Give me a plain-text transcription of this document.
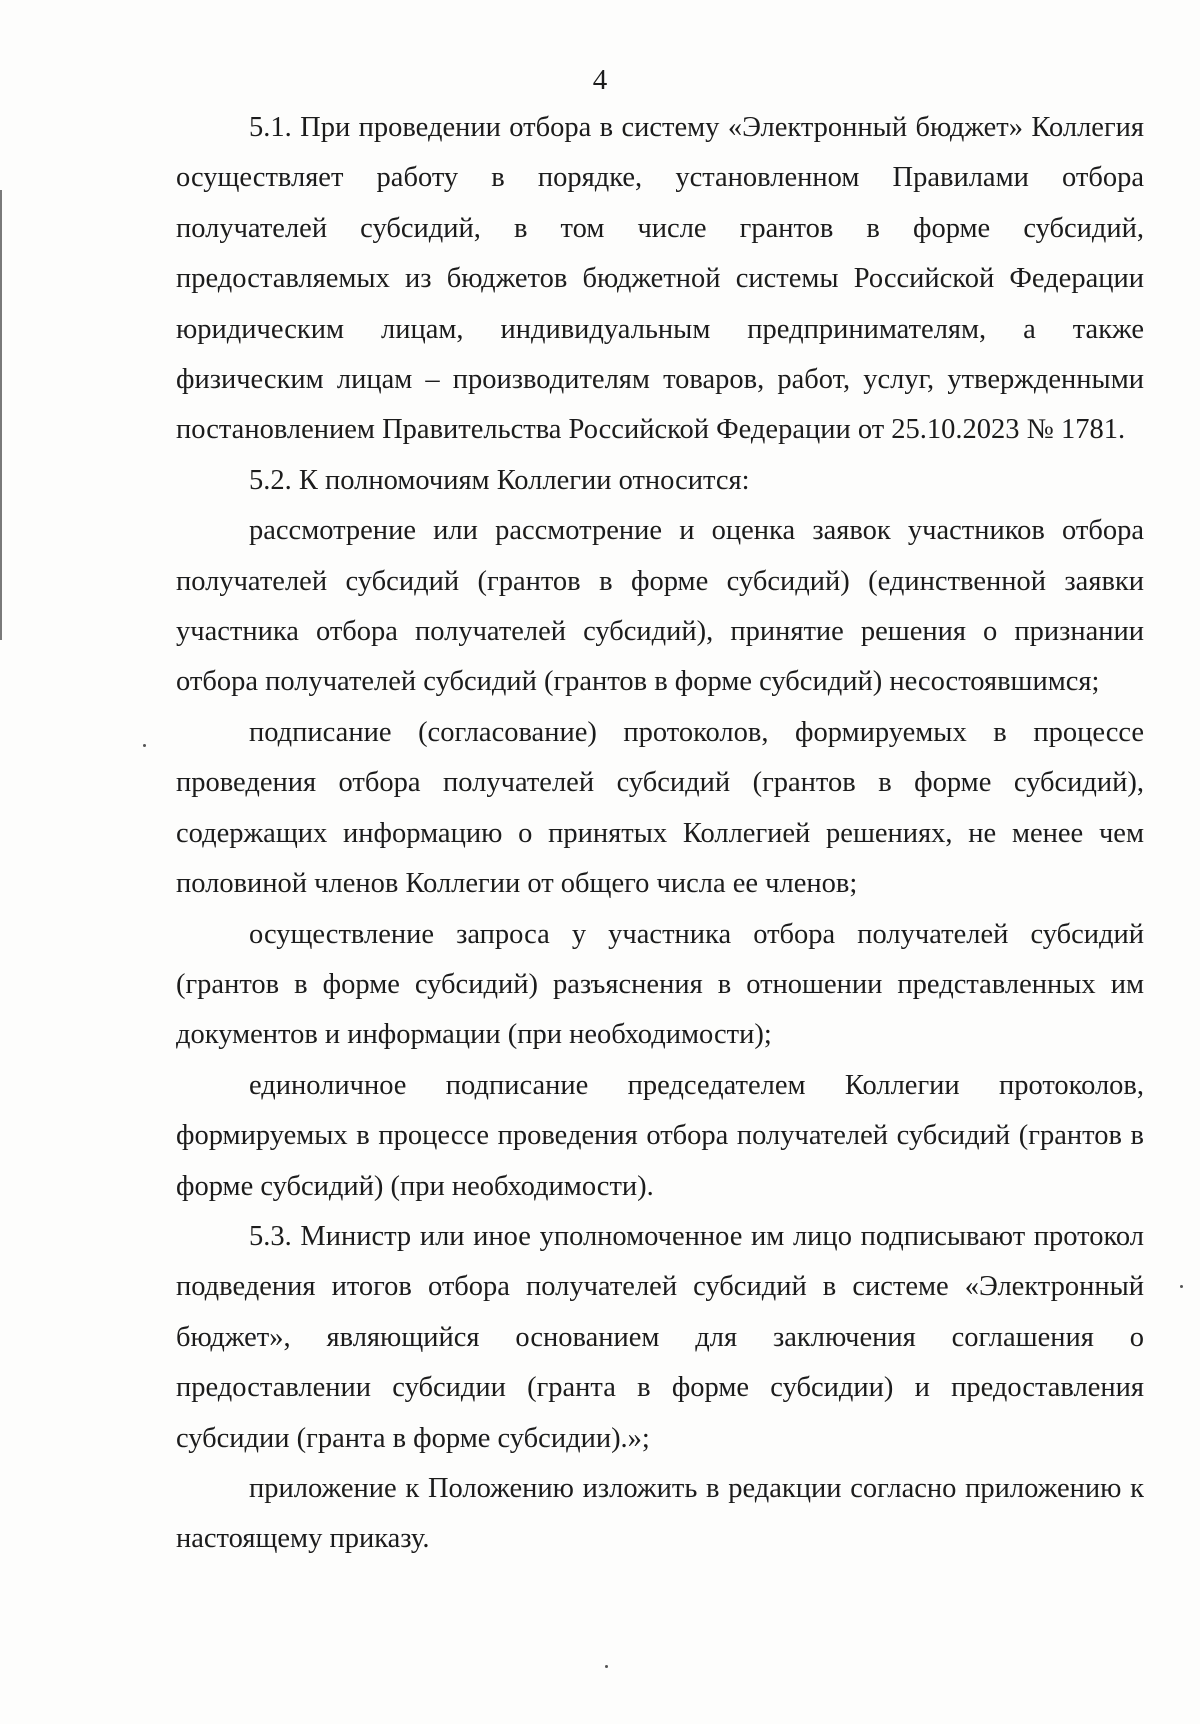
4

5.1. При проведении отбора в систему «Электронный бюджет» Коллегия осуществляет работу в порядке, установленном Правилами отбора получателей субсидий, в том числе грантов в форме субсидий, предоставляемых из бюджетов бюджетной системы Российской Федерации юридическим лицам, индивидуальным предпринимателям, а также физическим лицам – производителям товаров, работ, услуг, утвержденными постановлением Правительства Российской Федерации от 25.10.2023 № 1781.

5.2. К полномочиям Коллегии относится:

рассмотрение или рассмотрение и оценка заявок участников отбора получателей субсидий (грантов в форме субсидий) (единственной заявки участника отбора получателей субсидий), принятие решения о признании отбора получателей субсидий (грантов в форме субсидий) несостоявшимся;

подписание (согласование) протоколов, формируемых в процессе проведения отбора получателей субсидий (грантов в форме субсидий), содержащих информацию о принятых Коллегией решениях, не менее чем половиной членов Коллегии от общего числа ее членов;

осуществление запроса у участника отбора получателей субсидий (грантов в форме субсидий) разъяснения в отношении представленных им документов и информации (при необходимости);

единоличное подписание председателем Коллегии протоколов, формируемых в процессе проведения отбора получателей субсидий (грантов в форме субсидий) (при необходимости).

5.3. Министр или иное уполномоченное им лицо подписывают протокол подведения итогов отбора получателей субсидий в системе «Электронный бюджет», являющийся основанием для заключения соглашения о предоставлении субсидии (гранта в форме субсидии) и предоставления субсидии (гранта в форме субсидии).»;

приложение к Положению изложить в редакции согласно приложению к настоящему приказу.
